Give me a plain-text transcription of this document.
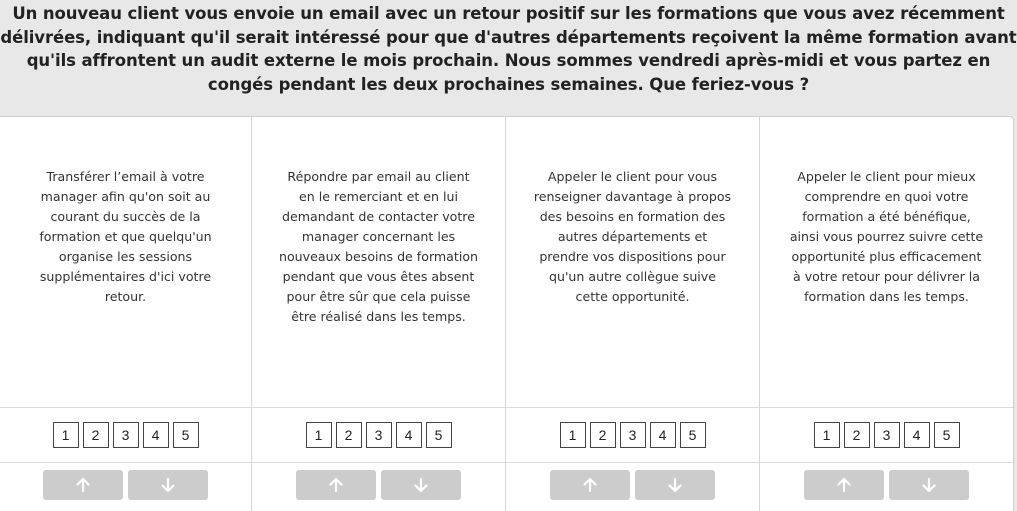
Un nouveau client vous envoie un email avec un retour positif sur les formations que vous avez récemment délivrées, indiquant qu'il serait intéressé pour que d'autres départements reçoivent la même formation avant qu'ils affrontent un audit externe le mois prochain. Nous sommes vendredi après-midi et vous partez en congés pendant les deux prochaines semaines. Que feriez-vous ?
Transférer l’email à votre manager afin qu'on soit au courant du succès de la formation et que quelqu'un organise les sessions supplémentaires d'ici votre retour.
1	2	3	4	5
Répondre par email au client en le remerciant et en lui demandant de contacter votre manager concernant les nouveaux besoins de formation pendant que vous êtes absent pour être sûr que cela puisse être réalisé dans les temps.
1	2	3	4	5
Appeler le client pour vous renseigner davantage à propos des besoins en formation des autres départements et prendre vos dispositions pour qu'un autre collègue suive cette opportunité.
1	2	3	4	5
Appeler le client pour mieux comprendre en quoi votre formation a été bénéfique, ainsi vous pourrez suivre cette opportunité plus efficacement à votre retour pour délivrer la formation dans les temps.
1	2	3	4	5
